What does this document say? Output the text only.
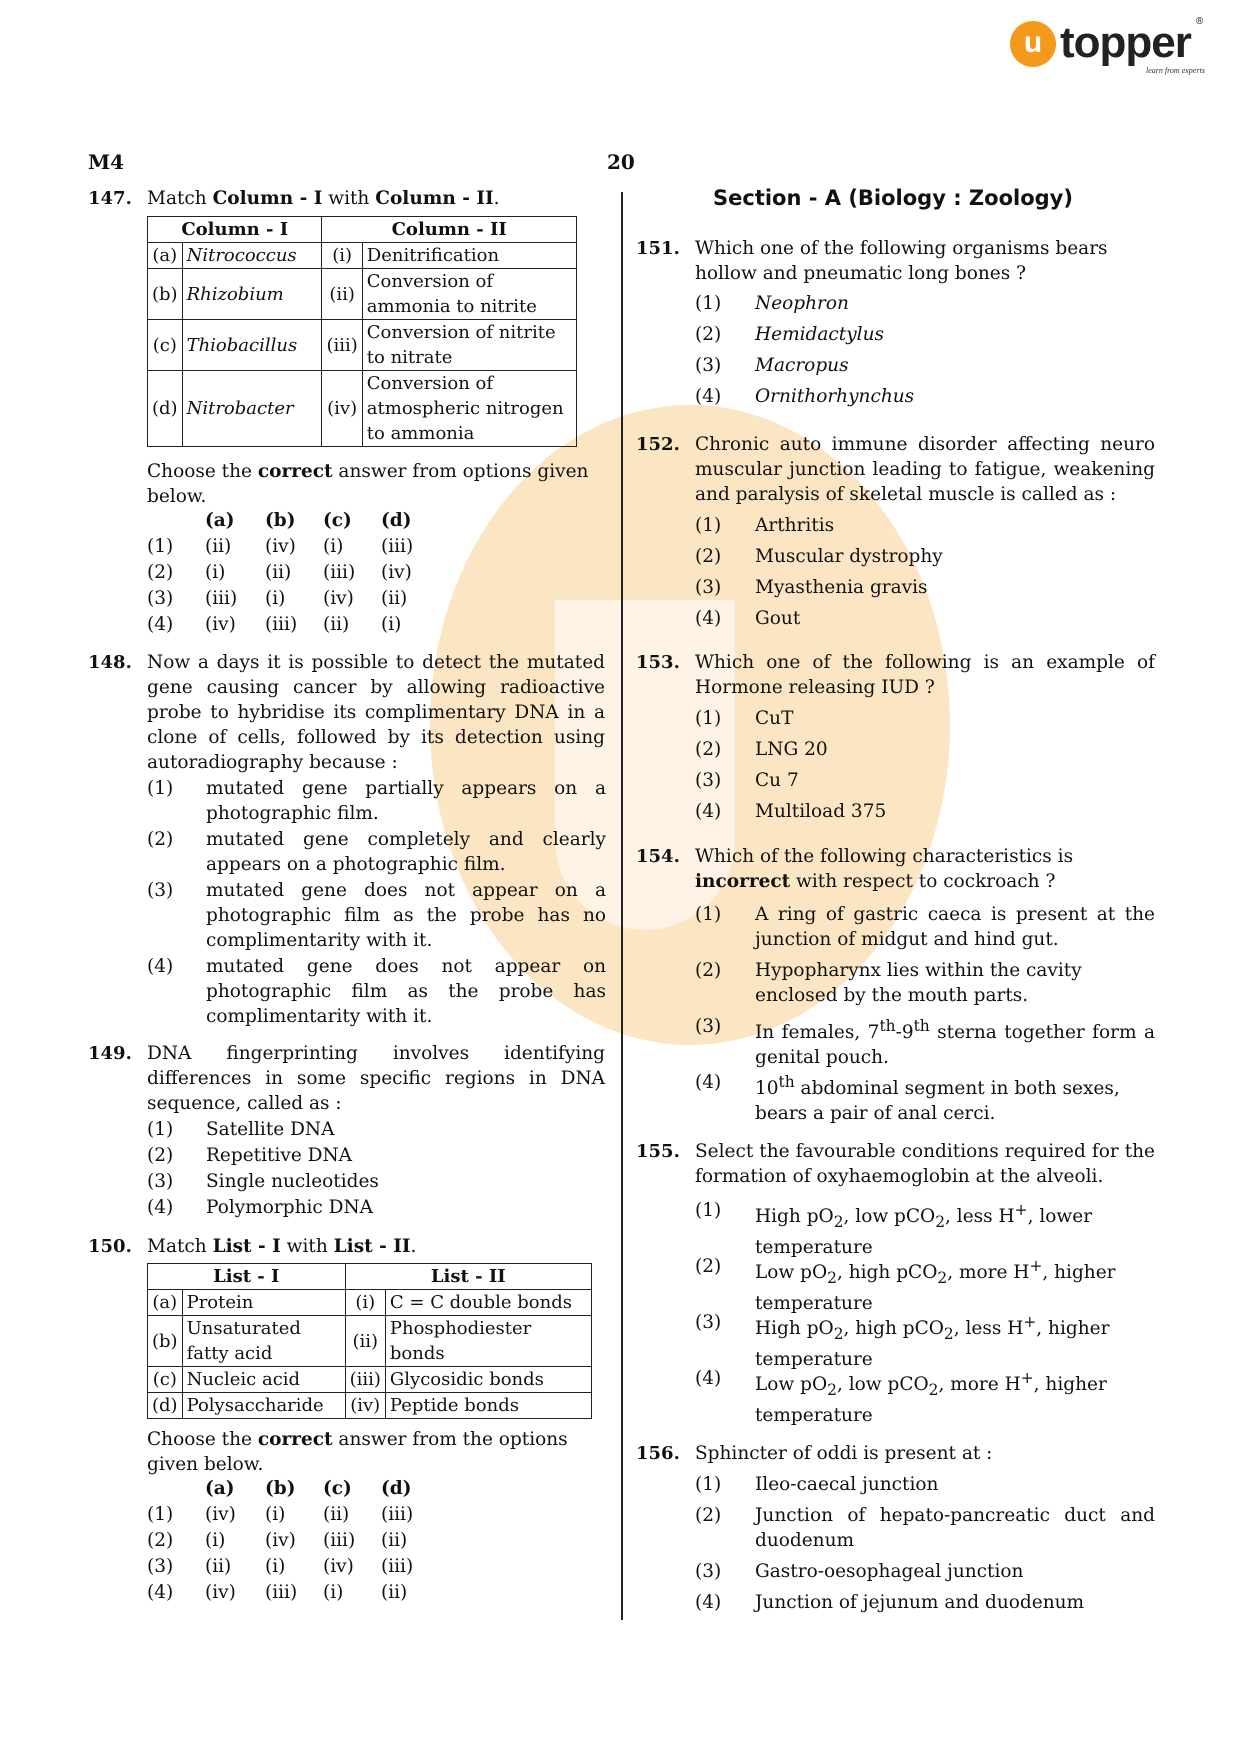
u topper ®
learn from experts
M4	20
147. Match Column - I with Column - II.
Column - I		Column - II	
(a)	Nitrococcus	(i)	Denitrification
(b)	Rhizobium	(ii)	Conversion of
ammonia to nitrite
(c)	Thiobacillus	(iii)	Conversion of nitrite
to nitrate
(d)	Nitrobacter	(iv)	Conversion of
atmospheric nitrogen
to ammonia
Choose the correct answer from options given below.
	(a)	(b)	(c)	(d)
(1)	(ii)	(iv)	(i)	(iii)
(2)	(i)	(ii)	(iii)	(iv)
(3)	(iii)	(i)	(iv)	(ii)
(4)	(iv)	(iii)	(ii)	(i)
148. Now a days it is possible to detect the mutated gene causing cancer by allowing radioactive probe to hybridise its complimentary DNA in a clone of cells, followed by its detection using autoradiography because :
(1) mutated gene partially appears on a photographic film.
(2) mutated gene completely and clearly appears on a photographic film.
(3) mutated gene does not appear on a photographic film as the probe has no complimentarity with it.
(4) mutated gene does not appear on photographic film as the probe has complimentarity with it.
149. DNA fingerprinting involves identifying differences in some specific regions in DNA sequence, called as :
(1) Satellite DNA
(2) Repetitive DNA
(3) Single nucleotides
(4) Polymorphic DNA
150. Match List - I with List - II.
List - I		List - II	
(a)	Protein	(i)	C = C double bonds
(b)	Unsaturated
fatty acid	(ii)	Phosphodiester bonds
(c)	Nucleic acid	(iii)	Glycosidic bonds
(d)	Polysaccharide	(iv)	Peptide bonds
Choose the correct answer from the options given below.
	(a)	(b)	(c)	(d)
(1)	(iv)	(i)	(ii)	(iii)
(2)	(i)	(iv)	(iii)	(ii)
(3)	(ii)	(i)	(iv)	(iii)
(4)	(iv)	(iii)	(i)	(ii)
Section - A (Biology : Zoology)
151. Which one of the following organisms bears hollow and pneumatic long bones ?
(1) Neophron
(2) Hemidactylus
(3) Macropus
(4) Ornithorhynchus
152. Chronic auto immune disorder affecting neuro muscular junction leading to fatigue, weakening and paralysis of skeletal muscle is called as :
(1) Arthritis
(2) Muscular dystrophy
(3) Myasthenia gravis
(4) Gout
153. Which one of the following is an example of Hormone releasing IUD ?
(1) CuT
(2) LNG 20
(3) Cu 7
(4) Multiload 375
154. Which of the following characteristics is incorrect with respect to cockroach ?
(1) A ring of gastric caeca is present at the junction of midgut and hind gut.
(2) Hypopharynx lies within the cavity enclosed by the mouth parts.
(3) In females, 7th-9th sterna together form a genital pouch.
(4) 10th abdominal segment in both sexes, bears a pair of anal cerci.
155. Select the favourable conditions required for the formation of oxyhaemoglobin at the alveoli.
(1) High $pO_2$, low pCO$_2$, less H+, lower
temperature
(2) Low $pO_2$, high pCO$_2$, more H+, higher
temperature
(3) High $pO_2$, high pCO$_2$, less H+, higher
temperature
(4) Low $pO_2$, low pCO$_2$, more H+, higher
temperature
156. Sphincter of oddi is present at :
(1) Ileo-caecal junction
(2) Junction of hepato-pancreatic duct and duodenum
(3) Gastro-oesophageal junction
(4) Junction of jejunum and duodenum
